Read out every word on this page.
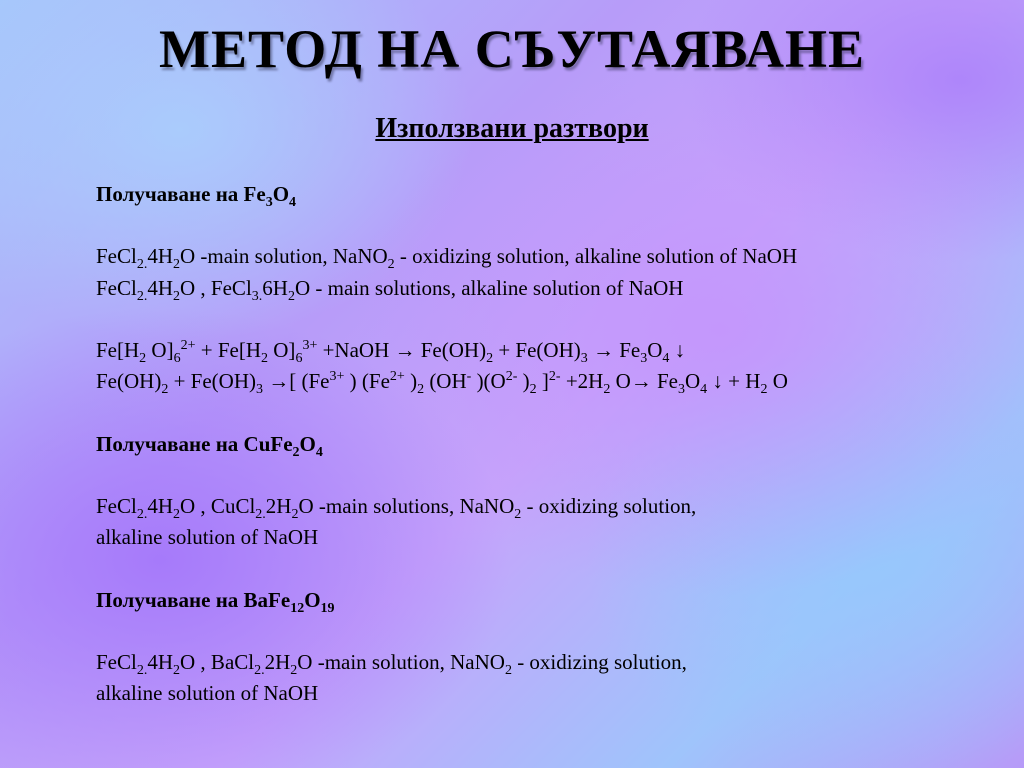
МЕТОД НА СЪУТАЯВАНЕ
Използвани разтвори
Получаване на $Fe_3O_4$
$FeCl_{2.}4H_2O$ -main solution, NaNO$_2$ - oxidizing solution, alkaline solution of NaOH
$FeCl_{2.}4H_2O$ , $FeCl_{3.}6H_2O$ - main solutions, alkaline solution of NaOH
$Fe[H_2$ $O]_6^{2+} + Fe[H_2$ $O]_6^{3+}$ +NaOH → $Fe(OH)_2 + Fe(OH)_3 \to Fe_3O_4$ ↓
$Fe(OH)_2 + Fe(OH)_3$ →[ ($Fe^{3+}$ ) ($Fe^{2+}$ )$_2$ (OH- )($O^{2-}$ )$_2$ ]$^{2-} +2H_2$ $O\to Fe_3O_4$ ↓ + $H_2$ O
Получаване на $CuFe_2O_4$
$FeCl_{2.}4H_2O$ , $CuCl_{2.}2H_2O$ -main solutions, NaNO$_2$ - oxidizing solution,
alkaline solution of NaOH
Получаване на $BaFe_{12}O_{19}$
$FeCl_{2.}4H_2O$ , $BaCl_{2.}2H_2O$ -main solution, NaNO$_2$ - oxidizing solution,
alkaline solution of NaOH
